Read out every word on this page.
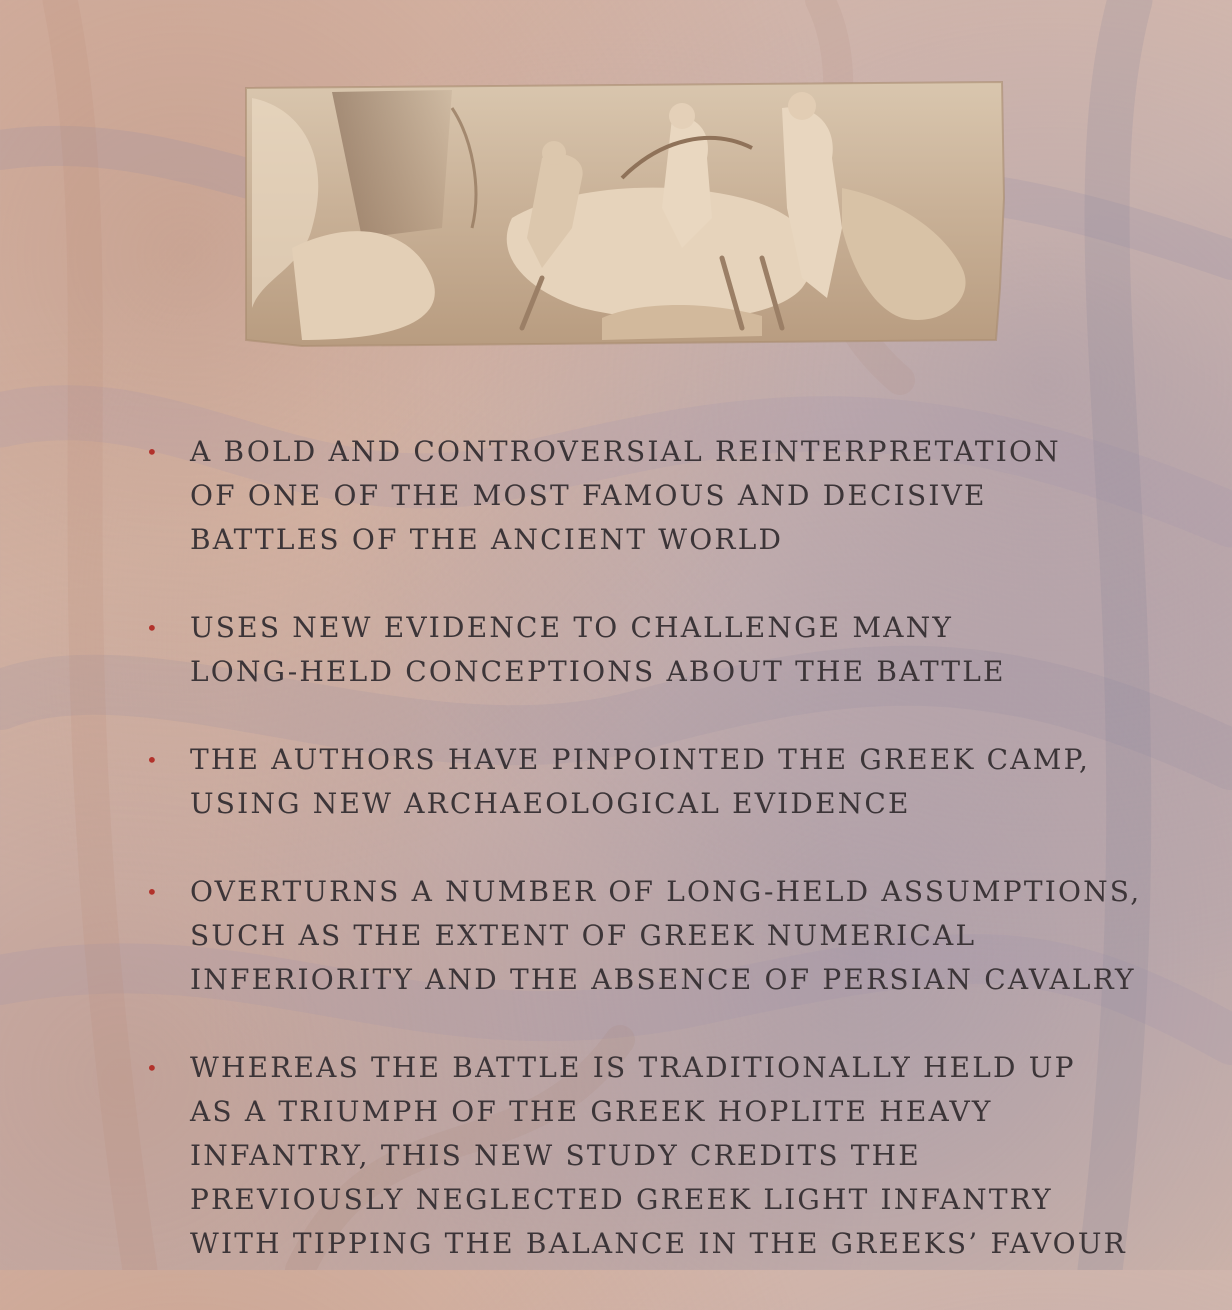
• A BOLD AND CONTROVERSIAL REINTERPRETATION
OF ONE OF THE MOST FAMOUS AND DECISIVE
BATTLES OF THE ANCIENT WORLD
• USES NEW EVIDENCE TO CHALLENGE MANY
LONG-HELD CONCEPTIONS ABOUT THE BATTLE
• THE AUTHORS HAVE PINPOINTED THE GREEK CAMP,
USING NEW ARCHAEOLOGICAL EVIDENCE
• OVERTURNS A NUMBER OF LONG-HELD ASSUMPTIONS,
SUCH AS THE EXTENT OF GREEK NUMERICAL
INFERIORITY AND THE ABSENCE OF PERSIAN CAVALRY
• WHEREAS THE BATTLE IS TRADITIONALLY HELD UP
AS A TRIUMPH OF THE GREEK HOPLITE HEAVY
INFANTRY, THIS NEW STUDY CREDITS THE
PREVIOUSLY NEGLECTED GREEK LIGHT INFANTRY
WITH TIPPING THE BALANCE IN THE GREEKS’ FAVOUR
